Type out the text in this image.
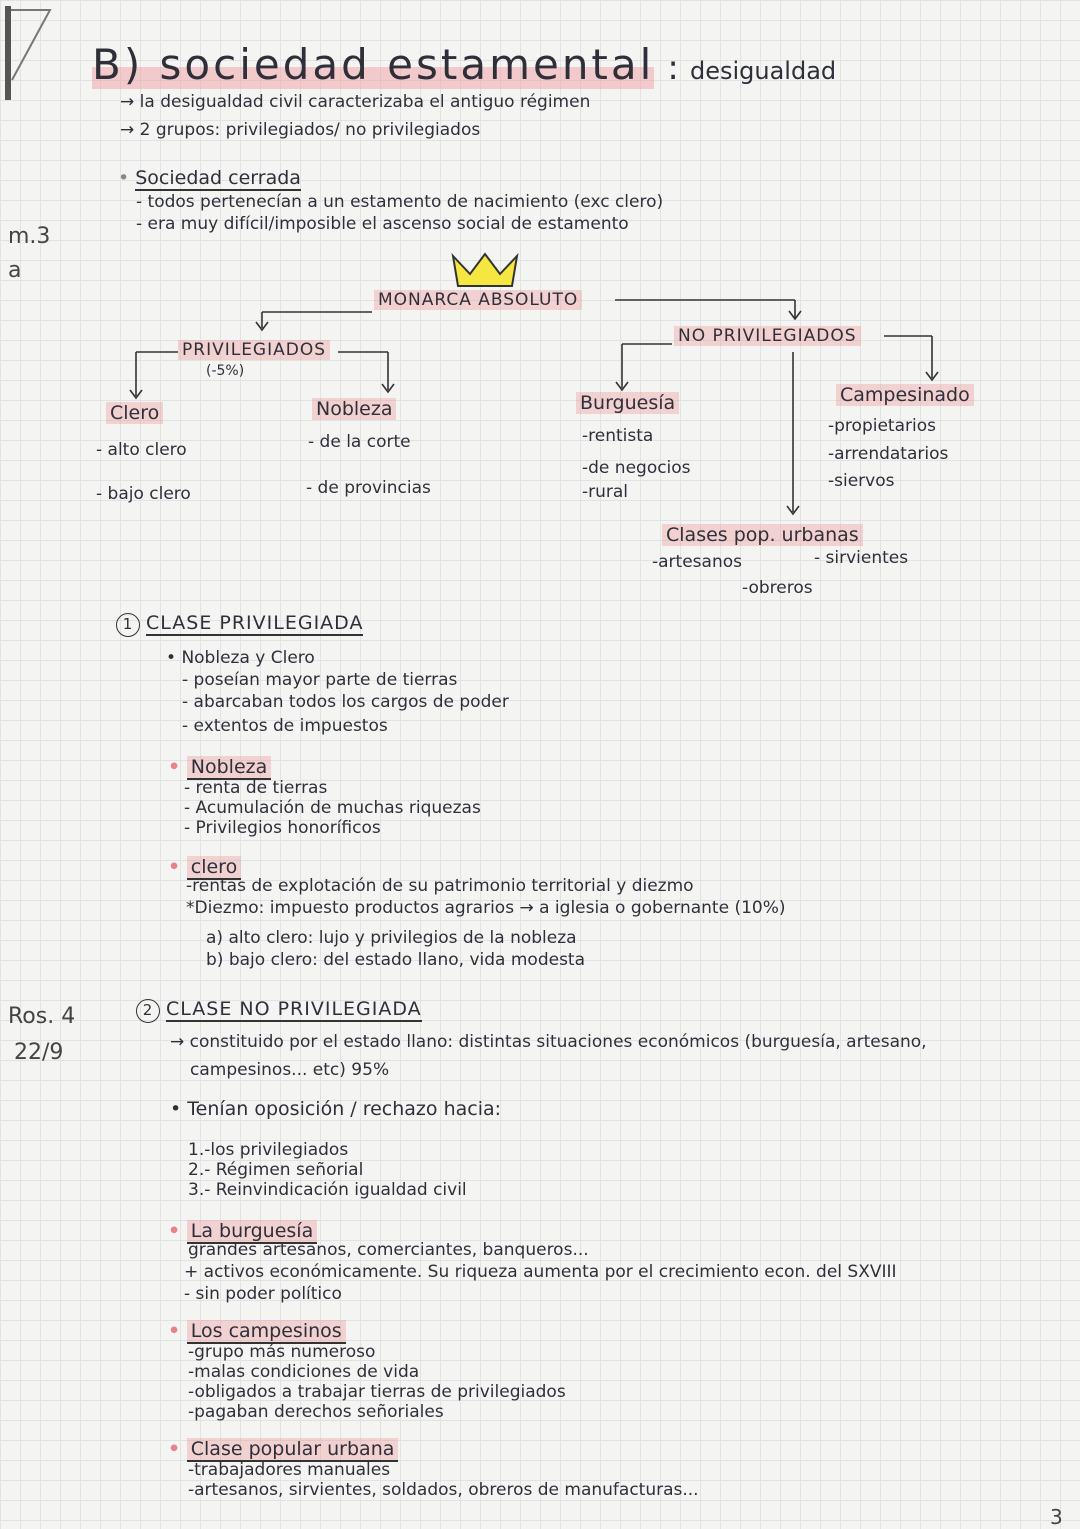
m.3
a
Ros. 4
22/9
3
B) sociedad estamental : desigualdad
→ la desigualdad civil caracterizaba el antiguo régimen
→ 2 grupos: privilegiados/ no privilegiados
• Sociedad cerrada
- todos pertenecían a un estamento de nacimiento (exc clero)
- era muy difícil/imposible el ascenso social de estamento
MONARCA ABSOLUTO
PRIVILEGIADOS
(-5%)
NO PRIVILEGIADOS
Clero
- alto clero
- bajo clero
Nobleza
- de la corte
- de provincias
Burguesía
-rentista
-de negocios
-rural
Campesinado
-propietarios
-arrendatarios
-siervos
Clases pop. urbanas
-artesanos	- sirvientes
-obreros
1 CLASE PRIVILEGIADA
• Nobleza y Clero
- poseían mayor parte de tierras
- abarcaban todos los cargos de poder
- extentos de impuestos
• Nobleza
- renta de tierras
- Acumulación de muchas riquezas
- Privilegios honoríficos
• clero
-rentas de explotación de su patrimonio territorial y diezmo
*Diezmo: impuesto productos agrarios → a iglesia o gobernante (10%)
a) alto clero: lujo y privilegios de la nobleza
b) bajo clero: del estado llano, vida modesta
2 CLASE NO PRIVILEGIADA
→ constituido por el estado llano: distintas situaciones económicos (burguesía, artesano,
campesinos... etc) 95%
• Tenían oposición / rechazo hacia:
1.-los privilegiados
2.- Régimen señorial
3.- Reinvindicación igualdad civil
• La burguesía
grandes artesanos, comerciantes, banqueros...
+ activos económicamente. Su riqueza aumenta por el crecimiento econ. del SXVIII
- sin poder político
• Los campesinos
-grupo más numeroso
-malas condiciones de vida
-obligados a trabajar tierras de privilegiados
-pagaban derechos señoriales
• Clase popular urbana
-trabajadores manuales
-artesanos, sirvientes, soldados, obreros de manufacturas...
